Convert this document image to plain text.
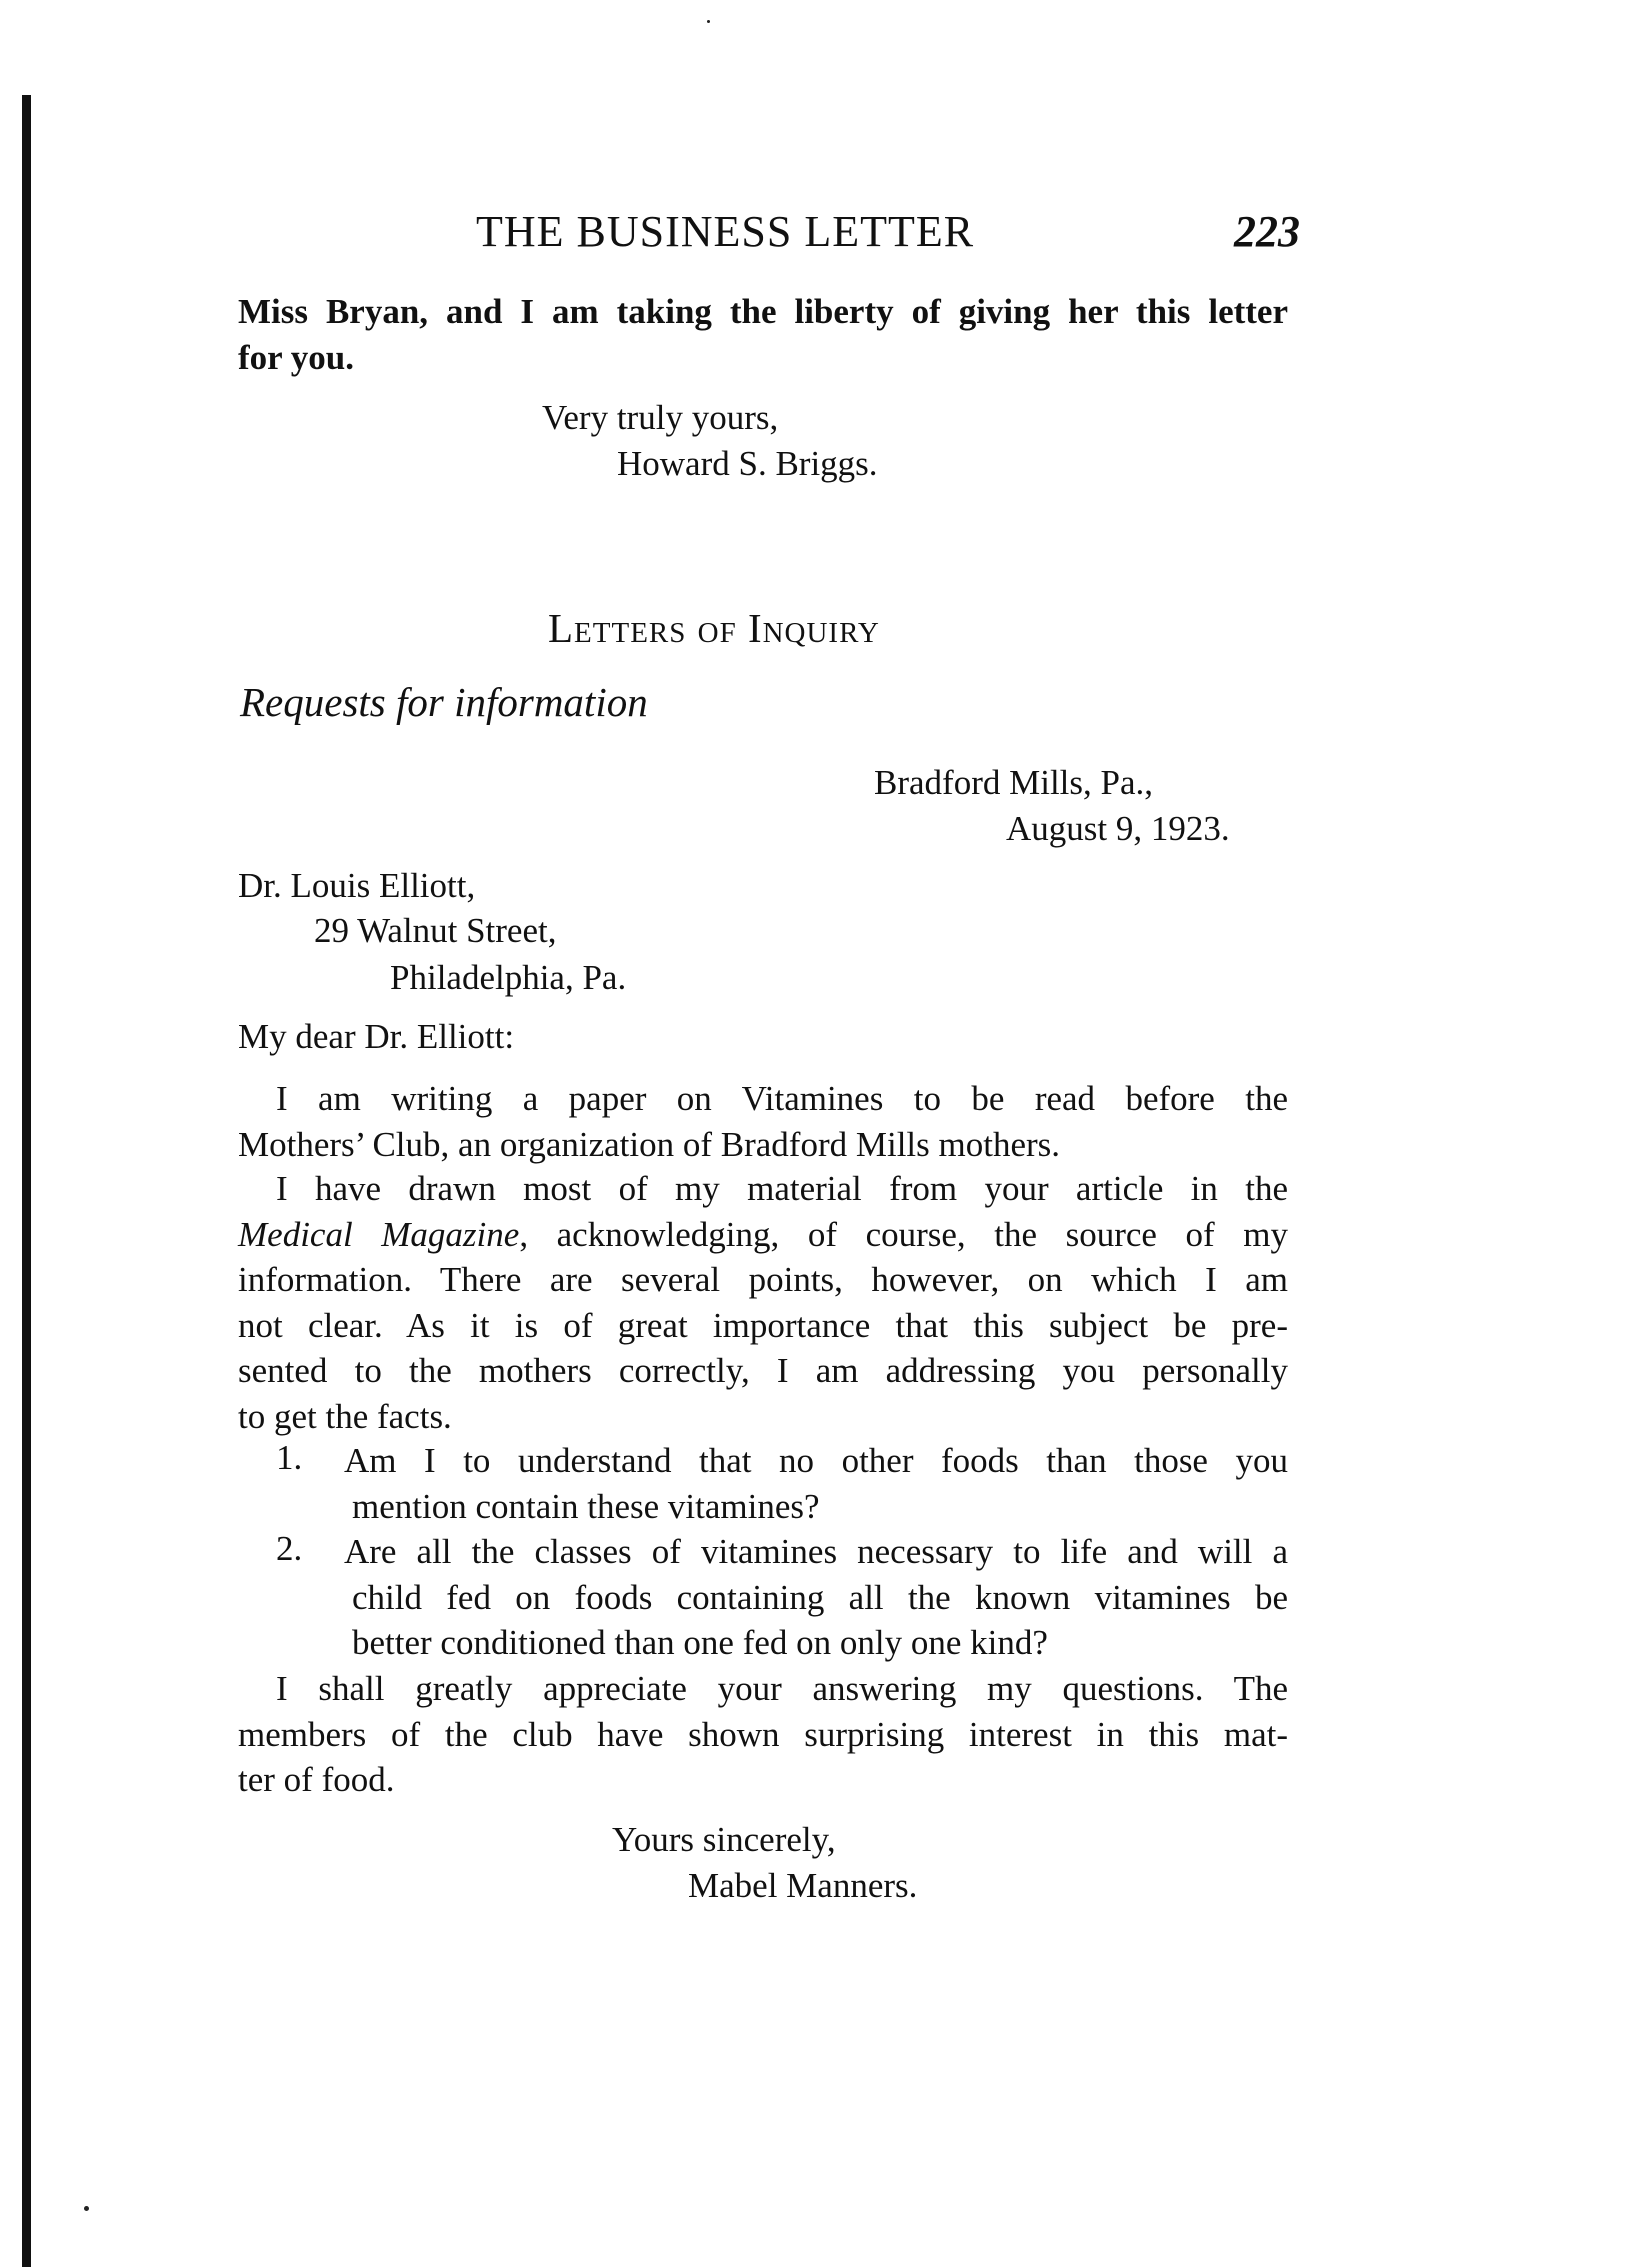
THE BUSINESS LETTER	223
Miss Bryan, and I am taking the liberty of giving her this letter
for you.
Very truly yours,
Howard S. Briggs.
Letters of Inquiry
Requests for information
Bradford Mills, Pa.,
August 9, 1923.
Dr. Louis Elliott,
29 Walnut Street,
Philadelphia, Pa.
My dear Dr. Elliott:
I am writing a paper on Vitamines to be read before the
Mothers’ Club, an organization of Bradford Mills mothers.
I have drawn most of my material from your article in the
Medical Magazine, acknowledging, of course, the source of my
information. There are several points, however, on which I am
not clear. As it is of great importance that this subject be pre-
sented to the mothers correctly, I am addressing you personally
to get the facts.
1. Am I to understand that no other foods than those you
mention contain these vitamines?
2. Are all the classes of vitamines necessary to life and will a
child fed on foods containing all the known vitamines be
better conditioned than one fed on only one kind?
I shall greatly appreciate your answering my questions. The
members of the club have shown surprising interest in this mat-
ter of food.
Yours sincerely,
Mabel Manners.
